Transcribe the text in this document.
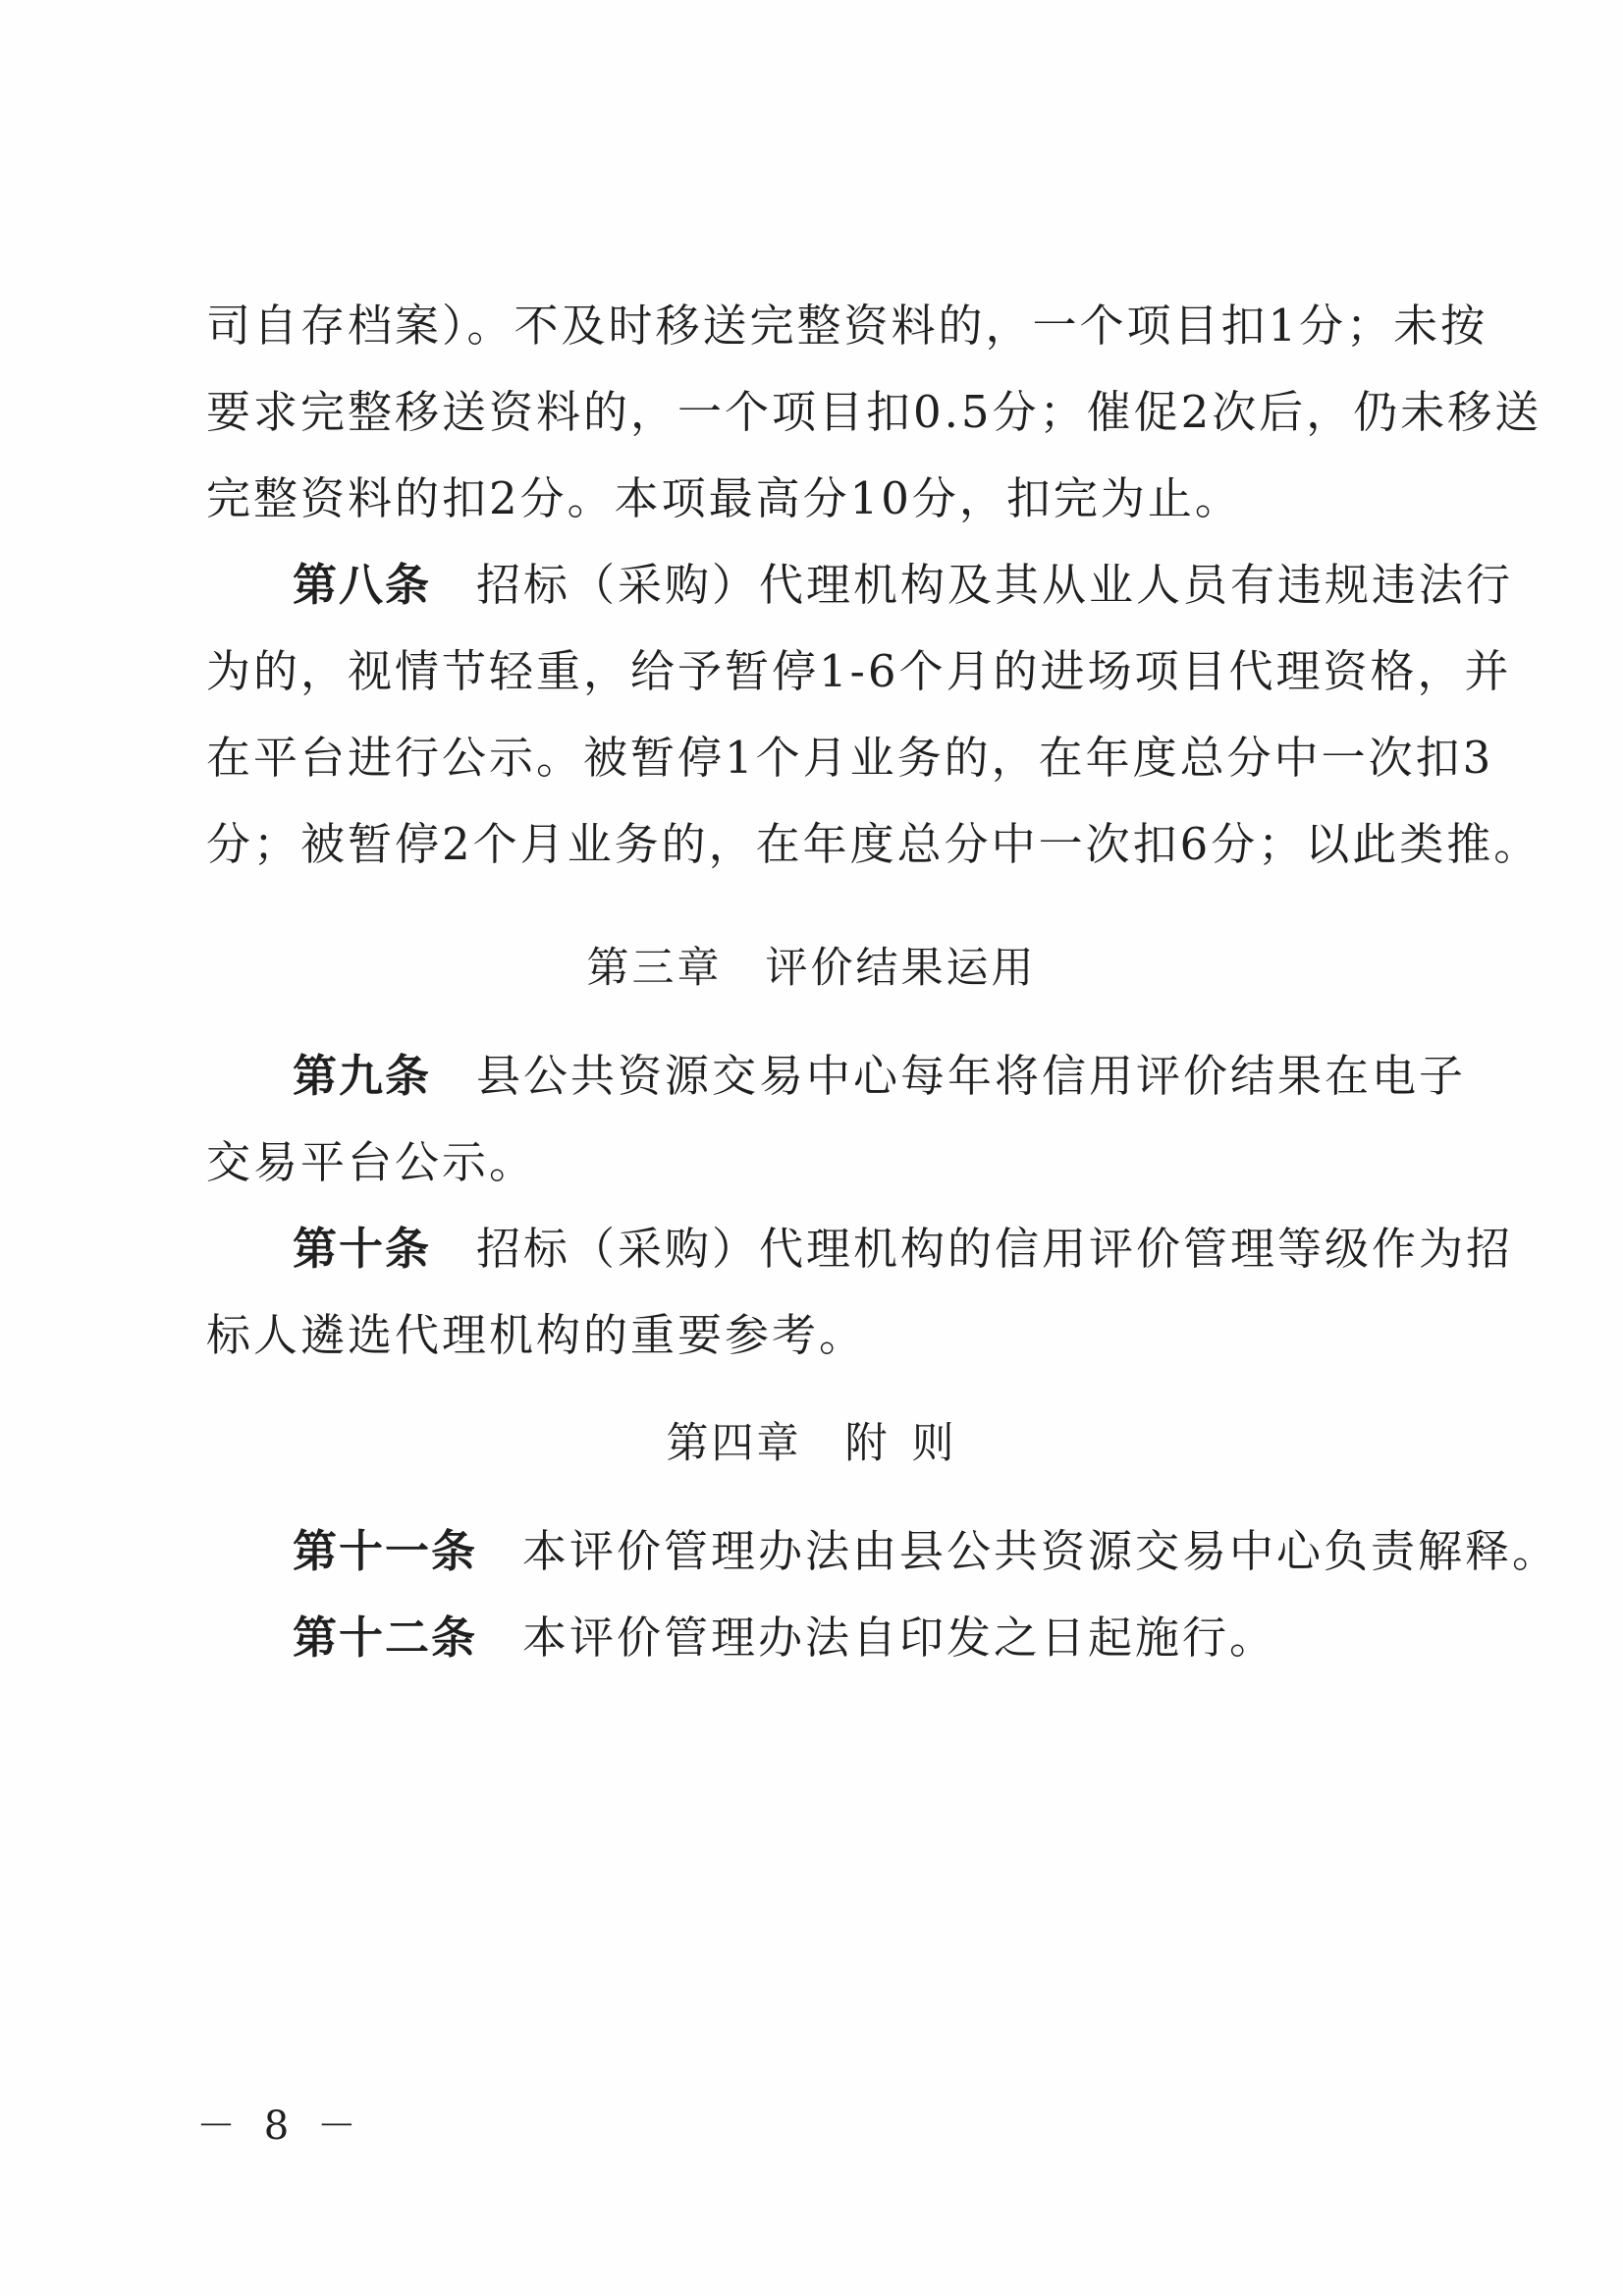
司自存档案）。不及时移送完整资料的，一个项目扣1分；未按
要求完整移送资料的，一个项目扣0.5分；催促2次后，仍未移送
完整资料的扣2分。本项最高分10分，扣完为止。
第八条 招标（采购）代理机构及其从业人员有违规违法行
为的，视情节轻重，给予暂停1-6个月的进场项目代理资格，并
在平台进行公示。被暂停1个月业务的，在年度总分中一次扣3
分；被暂停2个月业务的，在年度总分中一次扣6分；以此类推。
第三章 评价结果运用
第九条 县公共资源交易中心每年将信用评价结果在电子
交易平台公示。
第十条 招标（采购）代理机构的信用评价管理等级作为招
标人遴选代理机构的重要参考。
第四章 附 则
第十一条 本评价管理办法由县公共资源交易中心负责解释。
第十二条 本评价管理办法自印发之日起施行。
－ 8 －
